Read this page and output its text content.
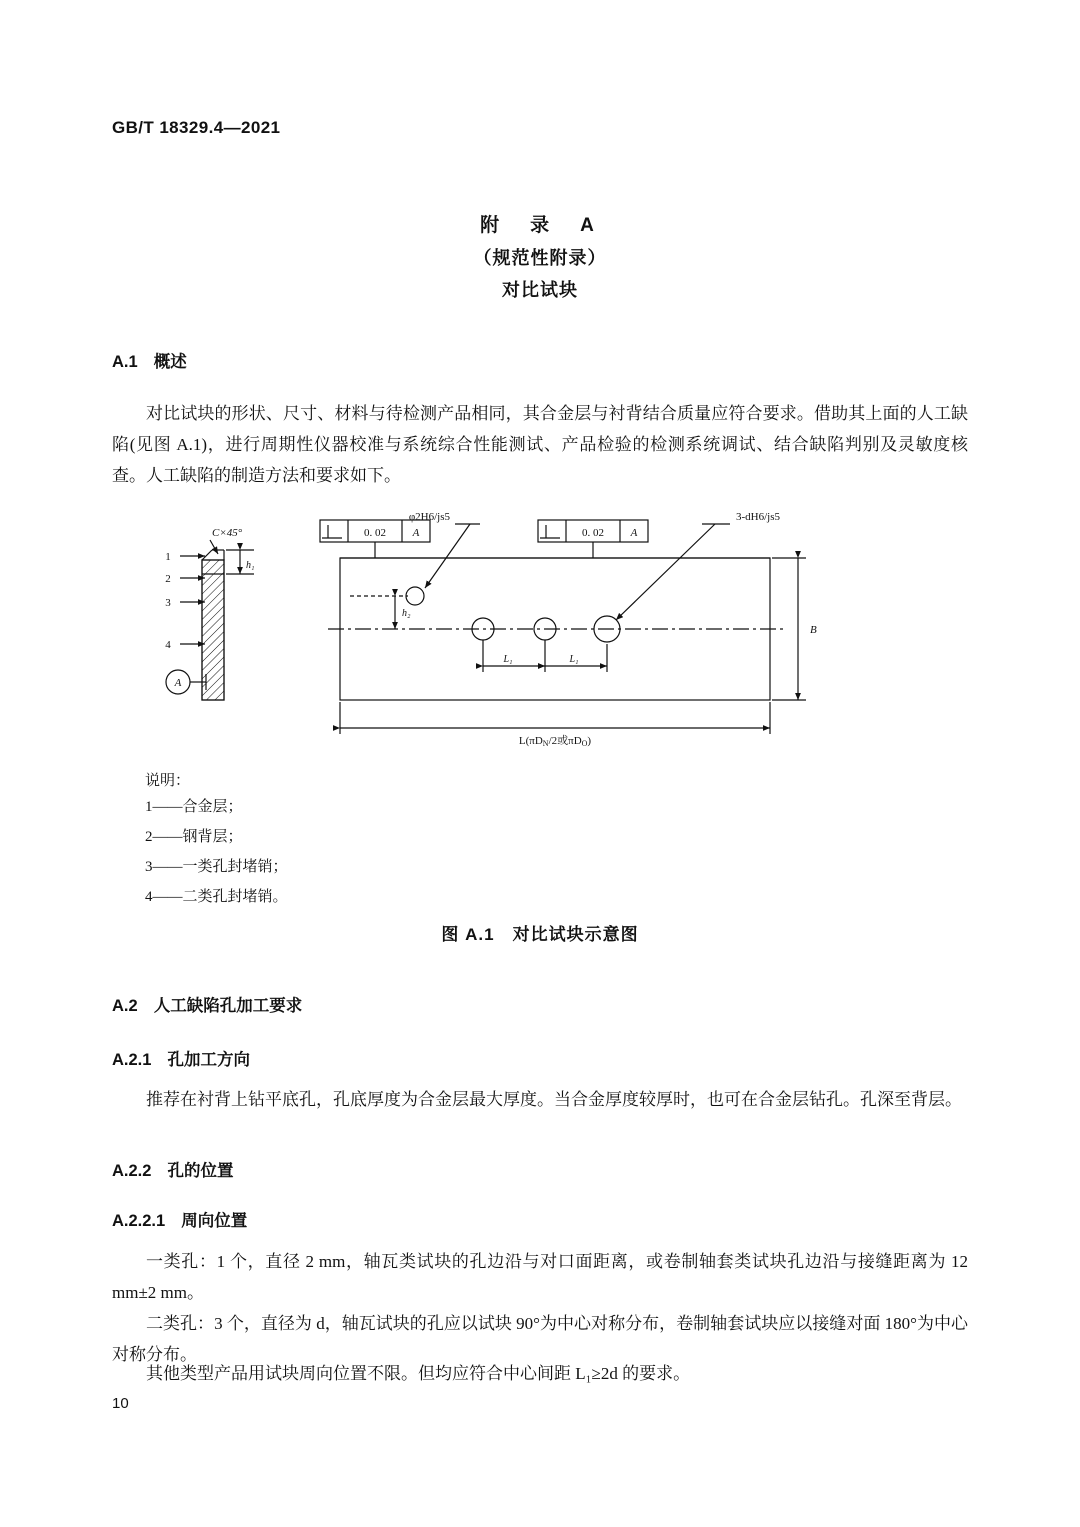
GB/T 18329.4—2021
附　录　A
（规范性附录）
对比试块
A.1 概述
对比试块的形状、尺寸、材料与待检测产品相同，其合金层与衬背结合质量应符合要求。借助其上面的人工缺陷(见图 A.1)，进行周期性仪器校准与系统综合性能测试、产品检验的检测系统调试、结合缺陷判别及灵敏度核查。人工缺陷的制造方法和要求如下。
1
2
3
4
A
C×45°
h₁
h₂
B
L₁	L₁
L(πDN/2或πDO)
0. 02 A	0. 02 A
φ2H6/js5	3-dH6/js5
说明：
1——合金层；
2——钢背层；
3——一类孔封堵销；
4——二类孔封堵销。
图 A.1　对比试块示意图
A.2 人工缺陷孔加工要求
A.2.1 孔加工方向
推荐在衬背上钻平底孔，孔底厚度为合金层最大厚度。当合金厚度较厚时，也可在合金层钻孔。孔深至背层。
A.2.2 孔的位置
A.2.2.1 周向位置
一类孔：1 个，直径 2 mm，轴瓦类试块的孔边沿与对口面距离，或卷制轴套类试块孔边沿与接缝距离为 12 mm±2 mm。
二类孔：3 个，直径为 d，轴瓦试块的孔应以试块 90°为中心对称分布，卷制轴套试块应以接缝对面 180°为中心对称分布。
其他类型产品用试块周向位置不限。但均应符合中心间距 L₁≥2d 的要求。
10
